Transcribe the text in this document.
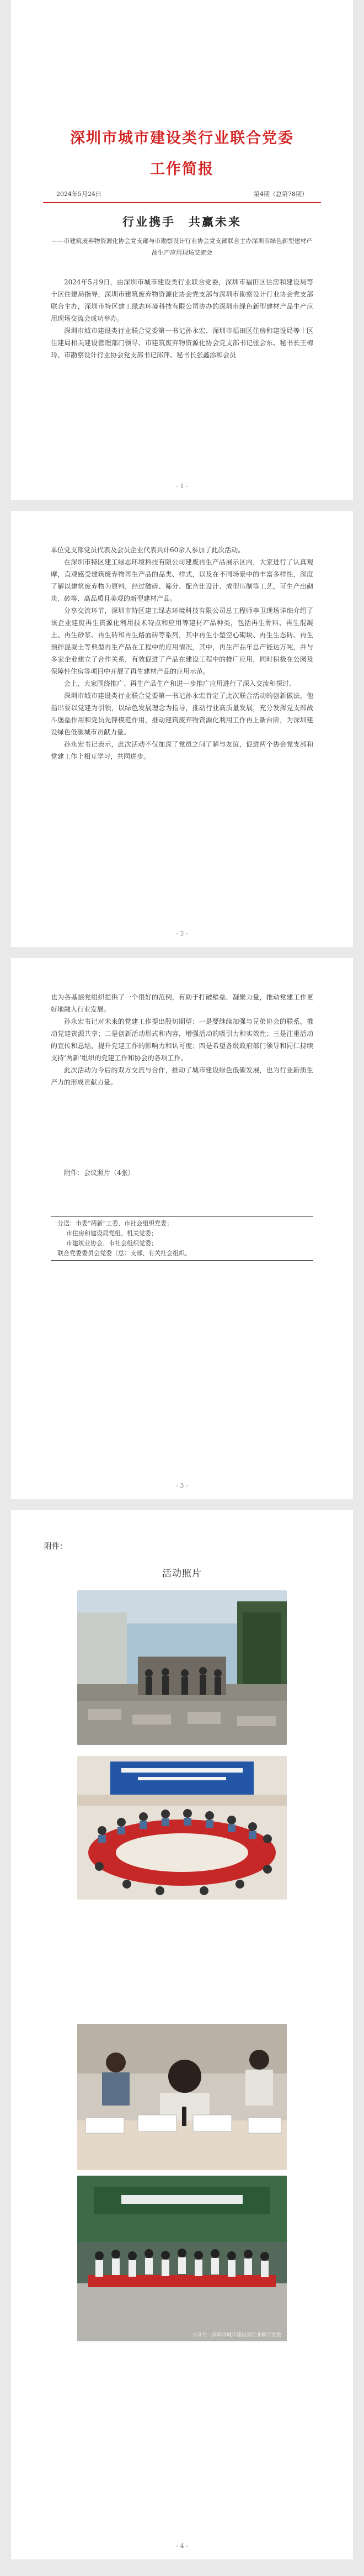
深圳市城市建设类行业联合党委
工作简报
2024年5月24日	第4期（总第78期）
行业携手　共赢未来
——市建筑废弃物资源化协会党支部与市勘察设计行业协会党支部联合主办深圳市绿色新型建材产品生产应用现场交流会

2024年5月9日，由深圳市城市建设类行业联合党委，深圳市福田区住房和建设局等十区住建局指导，深圳市建筑废弃物资源化协会党支部与深圳市勘察设计行业协会党支部联合主办，深圳市特区建工绿志环境科技有限公司协办的深圳市绿色新型建材产品生产应用现场交流会成功举办。

深圳市城市建设类行业联合党委第一书记孙永宏、深圳市福田区住房和建设局等十区住建局相关建设管理部门领导、市建筑废弃物资源化协会党支部书记张会东、秘书长王梅玲、市勘察设计行业协会党支部书记邱萍、秘书长张鑫添和会员

- 1 -

单位党支部党员代表及会员企业代表共计60余人参加了此次活动。

在深圳市特区建工绿志环境科技有限公司建废再生产品展示区内，大家进行了认真观摩，直观感受建筑废弃物再生产品的品类、样式，以及在不同场景中的丰富多样性，深度了解以建筑废弃物为原料，经过破碎、筛分、配合比设计、成型压制等工艺，可生产出砌块、砖等、高品质且美观的新型建材产品。

分享交流环节，深圳市特区建工绿志环境科技有限公司总工程师李卫现场详细介绍了该企业建废再生资源化利用技术特点和应用等建材产品种类，包括再生骨料、再生混凝土、再生砂浆、再生砖和再生路面砖等系列，其中再生小型空心砌块、再生生态砖、再生预拌混凝土等典型再生产品在工程中的应用情况，其中，再生产品年总产能达万吨，并与多家企业建立了合作关系，有效促进了产品在建设工程中的推广应用，同时积极在公园及保障性住房等项目中开展了再生建材产品的应用示范。

会上，大家围绕推广、再生产品生产和进一步推广应用进行了深入交流和探讨。

深圳市城市建设类行业联合党委第一书记孙永宏肯定了此次联合活动的创新做法，他指出要以党建为引领，以绿色发展理念为指导，推动行业高质量发展，充分发挥党支部战斗堡垒作用和党员先锋模范作用，推动建筑废弃物资源化利用工作再上新台阶，为深圳建设绿色低碳城市贡献力量。

孙永宏书记表示，此次活动不仅加深了党员之间了解与友谊，促进两个协会党支部和党建工作上相互学习，共同进步。

- 2 -

也为各基层党组织提供了一个很好的范例，有助于打破壁垒，凝聚力量，推动党建工作更好地融入行业发展。

孙永宏书记对未来的党建工作提出殷切期望：一是要继续加强与兄弟协会的联系，推动党建资源共享；二是创新活动形式和内容，增强活动的吸引力和实效性；三是注重活动的宣传和总结，提升党建工作的影响力和认可度；四是希望各级政府部门领导和同仁持续支持‘两新’组织的党建工作和协会的各项工作。

此次活动为今后的双方交流与合作，推动了城市建设绿色低碳发展，也为行业新质生产力的形成贡献力量。

附件：会议照片（4张）
分送：市委“两新”工委、市社会组织党委；
市住房和建设局党组、机关党委；
市建筑业协会、市社会组织党委；
联合党委委员会党委（总）支部、有关社会组织。
- 3 -
附件：
活动照片
公众号 · 深圳市城市建设类行业联合党委
- 4 -
